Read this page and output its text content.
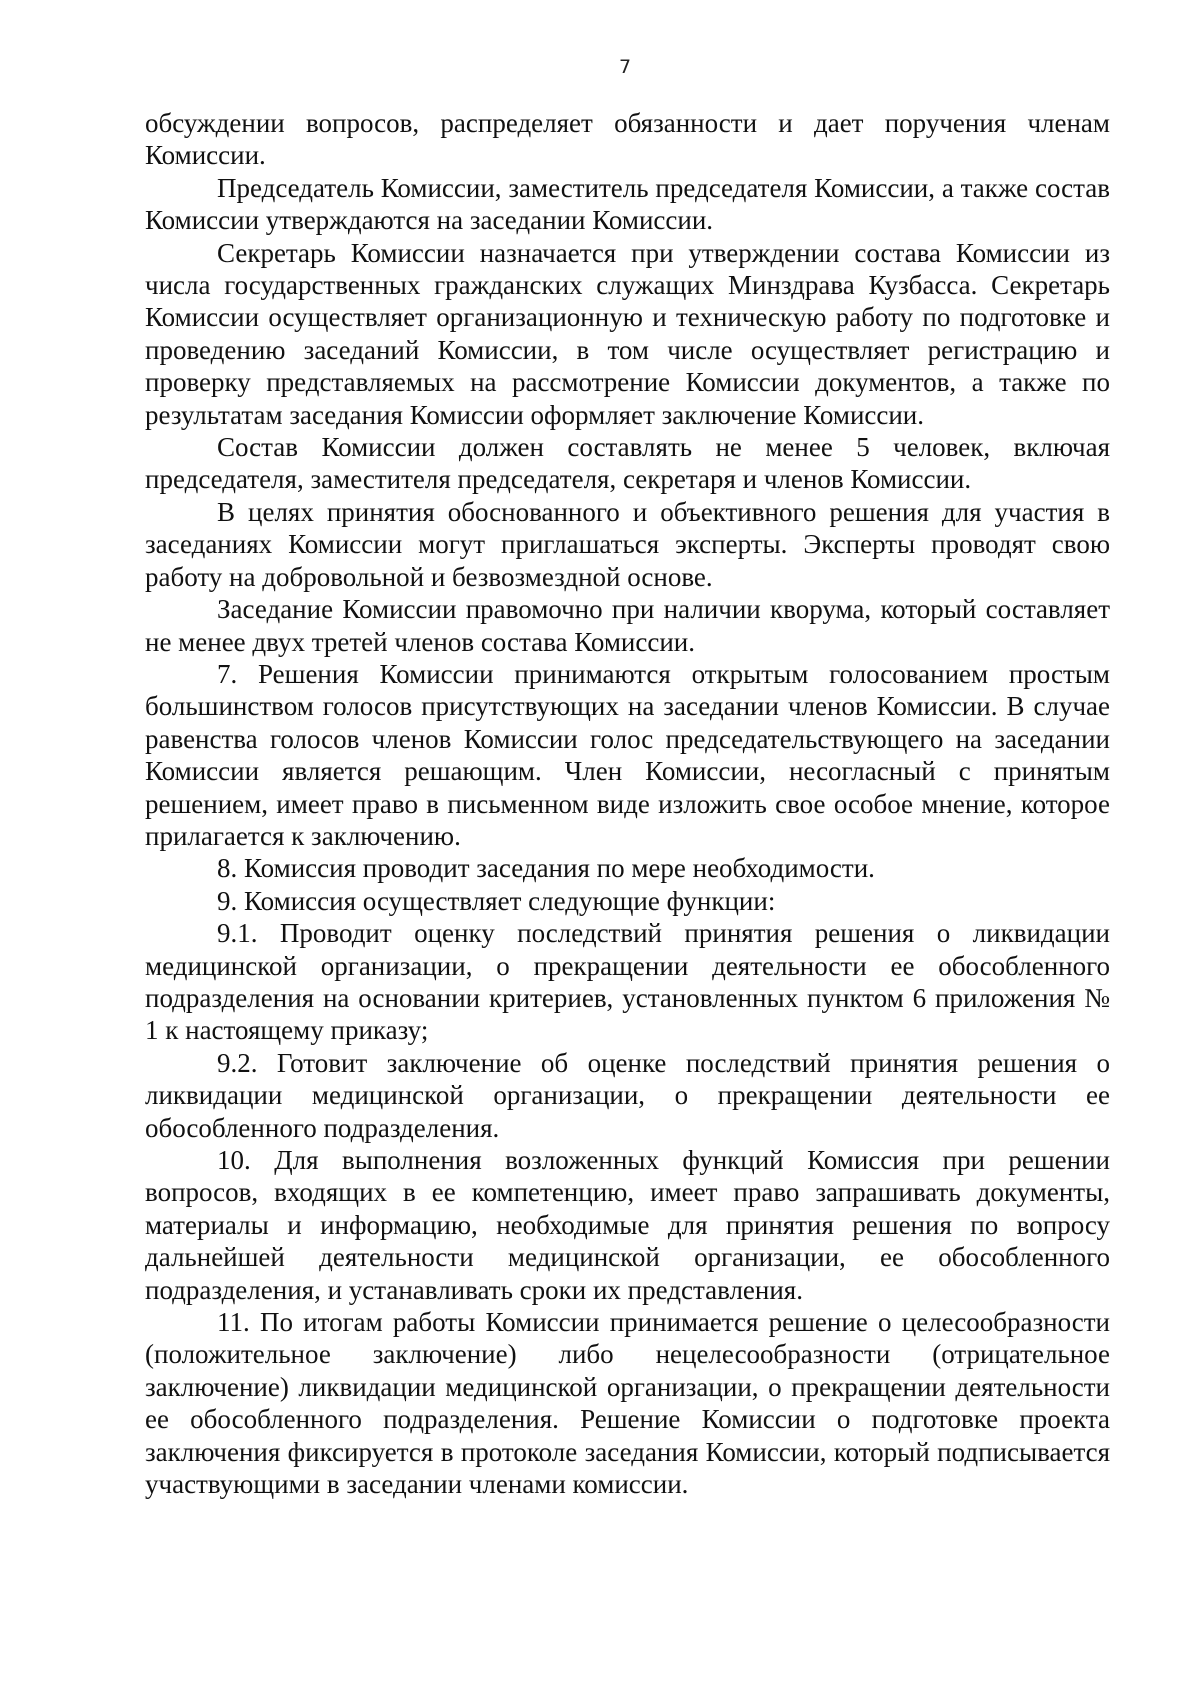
7

обсуждении вопросов, распределяет обязанности и дает поручения членам Комиссии.

Председатель Комиссии, заместитель председателя Комиссии, а также состав Комиссии утверждаются на заседании Комиссии.

Секретарь Комиссии назначается при утверждении состава Комиссии из числа государственных гражданских служащих Минздрава Кузбасса. Секретарь Комиссии осуществляет организационную и техническую работу по подготовке и проведению заседаний Комиссии, в том числе осуществляет регистрацию и проверку представляемых на рассмотрение Комиссии документов, а также по результатам заседания Комиссии оформляет заключение Комиссии.

Состав Комиссии должен составлять не менее 5 человек, включая председателя, заместителя председателя, секретаря и членов Комиссии.

В целях принятия обоснованного и объективного решения для участия в заседаниях Комиссии могут приглашаться эксперты. Эксперты проводят свою работу на добровольной и безвозмездной основе.

Заседание Комиссии правомочно при наличии кворума, который составляет не менее двух третей членов состава Комиссии.

7. Решения Комиссии принимаются открытым голосованием простым большинством голосов присутствующих на заседании членов Комиссии. В случае равенства голосов членов Комиссии голос председательствующего на заседании Комиссии является решающим. Член Комиссии, несогласный с принятым решением, имеет право в письменном виде изложить свое особое мнение, которое прилагается к заключению.

8. Комиссия проводит заседания по мере необходимости.

9. Комиссия осуществляет следующие функции:

9.1. Проводит оценку последствий принятия решения о ликвидации медицинской организации, о прекращении деятельности ее обособленного подразделения на основании критериев, установленных пунктом 6 приложения № 1 к настоящему приказу;

9.2. Готовит заключение об оценке последствий принятия решения о ликвидации медицинской организации, о прекращении деятельности ее обособленного подразделения.

10. Для выполнения возложенных функций Комиссия при решении вопросов, входящих в ее компетенцию, имеет право запрашивать документы, материалы и информацию, необходимые для принятия решения по вопросу дальнейшей деятельности медицинской организации, ее обособленного подразделения, и устанавливать сроки их представления.

11. По итогам работы Комиссии принимается решение о целесообразности (положительное заключение) либо нецелесообразности (отрицательное заключение) ликвидации медицинской организации, о прекращении деятельности ее обособленного подразделения. Решение Комиссии о подготовке проекта заключения фиксируется в протоколе заседания Комиссии, который подписывается участвующими в заседании членами комиссии.
